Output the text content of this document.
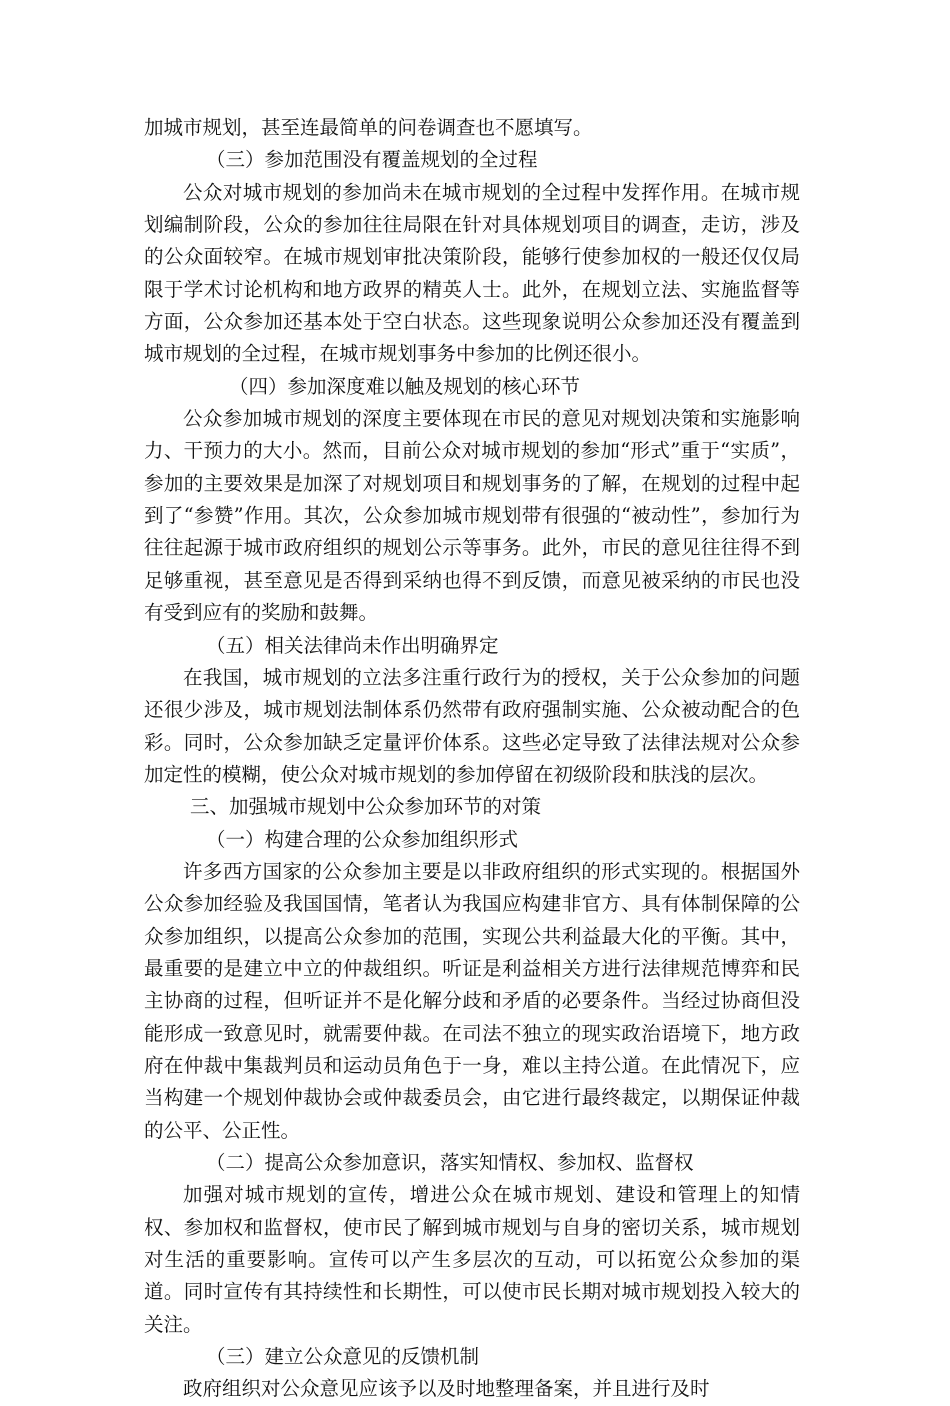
加城市规划，甚至连最简单的问卷调查也不愿填写。

（三）参加范围没有覆盖规划的全过程

公众对城市规划的参加尚未在城市规划的全过程中发挥作用。在城市规划编制阶段，公众的参加往往局限在针对具体规划项目的调查，走访，涉及的公众面较窄。在城市规划审批决策阶段，能够行使参加权的一般还仅仅局限于学术讨论机构和地方政界的精英人士。此外，在规划立法、实施监督等方面，公众参加还基本处于空白状态。这些现象说明公众参加还没有覆盖到城市规划的全过程，在城市规划事务中参加的比例还很小。

（四）参加深度难以触及规划的核心环节

公众参加城市规划的深度主要体现在市民的意见对规划决策和实施影响力、干预力的大小。然而，目前公众对城市规划的参加“形式”重于“实质”，参加的主要效果是加深了对规划项目和规划事务的了解，在规划的过程中起到了“参赞”作用。其次，公众参加城市规划带有很强的“被动性”，参加行为往往起源于城市政府组织的规划公示等事务。此外，市民的意见往往得不到足够重视，甚至意见是否得到采纳也得不到反馈，而意见被采纳的市民也没有受到应有的奖励和鼓舞。

（五）相关法律尚未作出明确界定

在我国，城市规划的立法多注重行政行为的授权，关于公众参加的问题还很少涉及，城市规划法制体系仍然带有政府强制实施、公众被动配合的色彩。同时，公众参加缺乏定量评价体系。这些必定导致了法律法规对公众参加定性的模糊，使公众对城市规划的参加停留在初级阶段和肤浅的层次。

三、加强城市规划中公众参加环节的对策

（一）构建合理的公众参加组织形式

许多西方国家的公众参加主要是以非政府组织的形式实现的。根据国外公众参加经验及我国国情，笔者认为我国应构建非官方、具有体制保障的公众参加组织，以提高公众参加的范围，实现公共利益最大化的平衡。其中，最重要的是建立中立的仲裁组织。听证是利益相关方进行法律规范博弈和民主协商的过程，但听证并不是化解分歧和矛盾的必要条件。当经过协商但没能形成一致意见时，就需要仲裁。在司法不独立的现实政治语境下，地方政府在仲裁中集裁判员和运动员角色于一身，难以主持公道。在此情况下，应当构建一个规划仲裁协会或仲裁委员会，由它进行最终裁定，以期保证仲裁的公平、公正性。

（二）提高公众参加意识，落实知情权、参加权、监督权

加强对城市规划的宣传，增进公众在城市规划、建设和管理上的知情权、参加权和监督权，使市民了解到城市规划与自身的密切关系，城市规划对生活的重要影响。宣传可以产生多层次的互动，可以拓宽公众参加的渠道。同时宣传有其持续性和长期性，可以使市民长期对城市规划投入较大的关注。

（三）建立公众意见的反馈机制

政府组织对公众意见应该予以及时地整理备案，并且进行及时
